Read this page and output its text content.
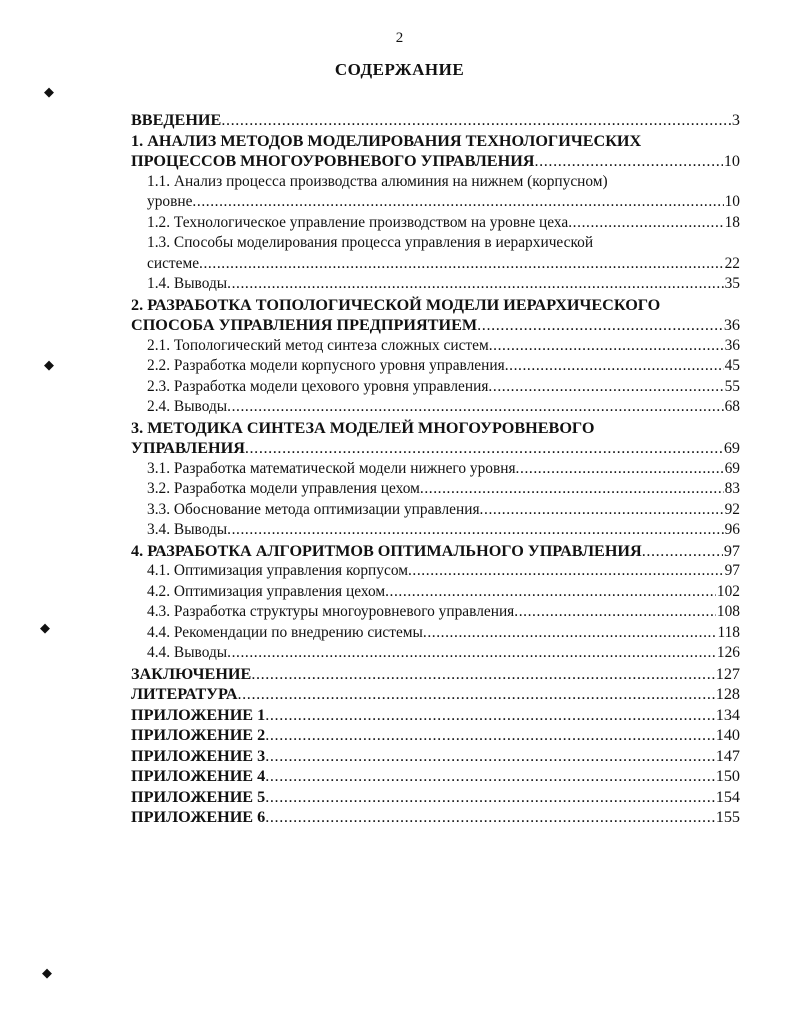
2
СОДЕРЖАНИЕ
ВВЕДЕНИЕ .....	3
1. АНАЛИЗ МЕТОДОВ МОДЕЛИРОВАНИЯ ТЕХНОЛОГИЧЕСКИХ
ПРОЦЕССОВ МНОГОУРОВНЕВОГО УПРАВЛЕНИЯ .....	10
1.1. Анализ процесса производства алюминия на нижнем (корпусном)
уровне .....	10
1.2. Технологическое управление производством на уровне цеха .....	18
1.3. Способы моделирования процесса управления в иерархической
системе .....	22
1.4. Выводы .....	35
2. РАЗРАБОТКА ТОПОЛОГИЧЕСКОЙ МОДЕЛИ ИЕРАРХИЧЕСКОГО
СПОСОБА УПРАВЛЕНИЯ ПРЕДПРИЯТИЕМ .....	36
2.1. Топологический метод синтеза сложных систем .....	36
2.2. Разработка модели корпусного уровня управления .....	45
2.3. Разработка модели цехового уровня управления .....	55
2.4. Выводы .....	68
3. МЕТОДИКА СИНТЕЗА МОДЕЛЕЙ МНОГОУРОВНЕВОГО
УПРАВЛЕНИЯ .....	69
3.1. Разработка математической модели нижнего уровня .....	69
3.2. Разработка модели управления цехом .....	83
3.3. Обоснование метода оптимизации управления .....	92
3.4. Выводы .....	96
4. РАЗРАБОТКА АЛГОРИТМОВ ОПТИМАЛЬНОГО УПРАВЛЕНИЯ .....	97
4.1. Оптимизация управления корпусом .....	97
4.2. Оптимизация управления цехом .....	102
4.3. Разработка структуры многоуровневого управления .....	108
4.4. Рекомендации по внедрению системы .....	118
4.4. Выводы .....	126
ЗАКЛЮЧЕНИЕ .....	127
ЛИТЕРАТУРА .....	128
ПРИЛОЖЕНИЕ 1 .....	134
ПРИЛОЖЕНИЕ 2 .....	140
ПРИЛОЖЕНИЕ 3 .....	147
ПРИЛОЖЕНИЕ 4 .....	150
ПРИЛОЖЕНИЕ 5 .....	154
ПРИЛОЖЕНИЕ 6 .....	155
◆
◆
◆
◆
